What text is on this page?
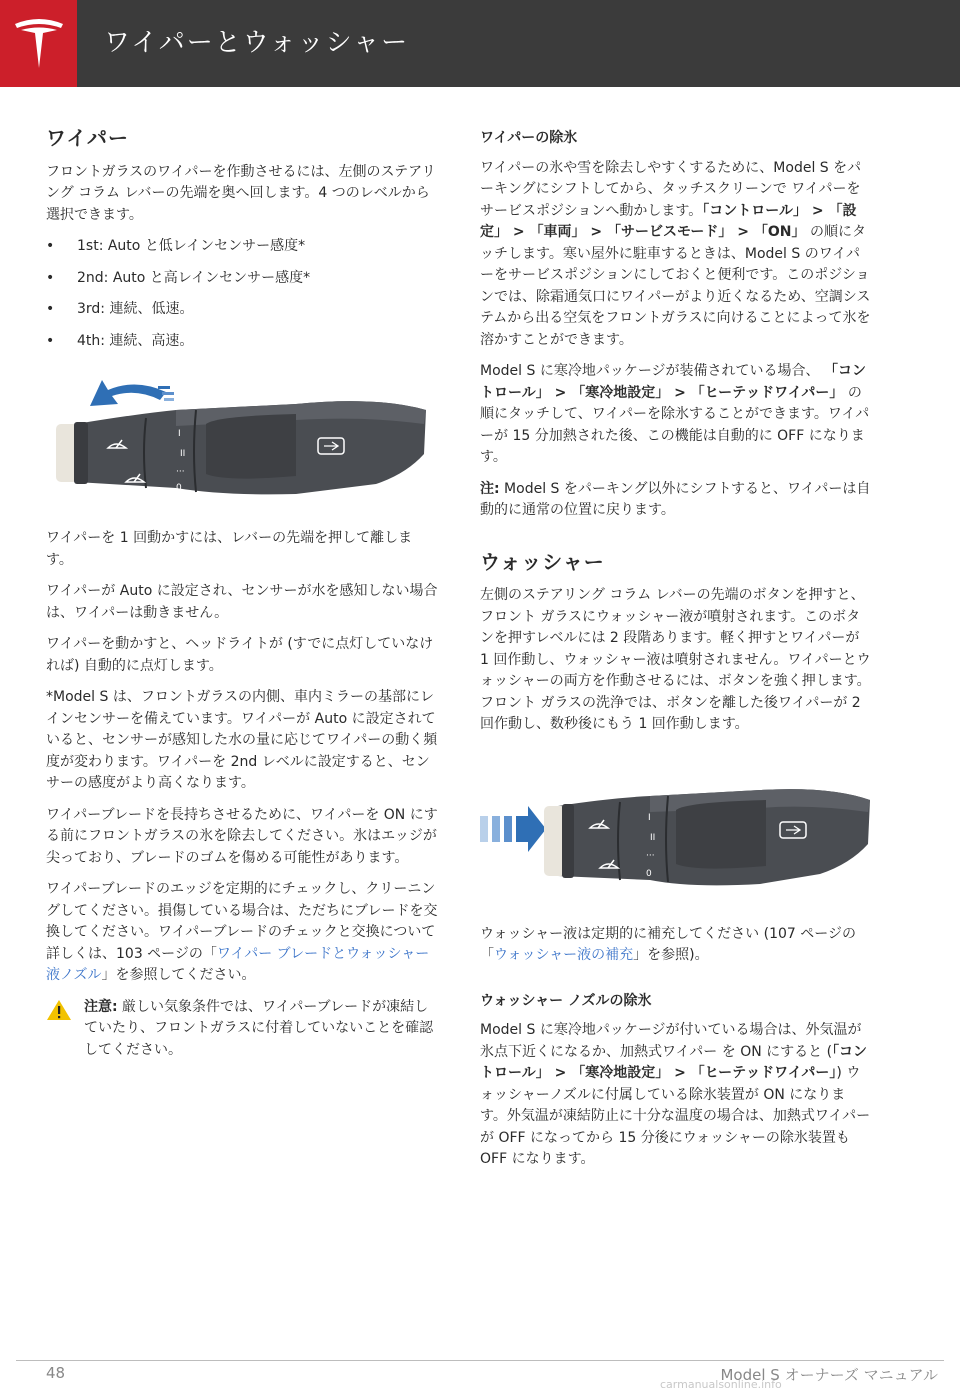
ワイパーとウォッシャー
ワイパー

フロントガラスのワイパーを作動させるには、左側のステアリング コラム レバーの先端を奥へ回します。4 つのレベルから選択できます。

• 1st: Auto と低レインセンサー感度*
• 2nd: Auto と高レインセンサー感度*
• 3rd: 連続、低速。
• 4th: 連続、高速。
I
II
···
0

ワイパーを 1 回動かすには、レバーの先端を押して離します。

ワイパーが Auto に設定され、センサーが水を感知しない場合は、ワイパーは動きません。

ワイパーを動かすと、ヘッドライトが (すでに点灯していなければ) 自動的に点灯します。

*Model S は、フロントガラスの内側、車内ミラーの基部にレインセンサーを備えています。ワイパーが Auto に設定されていると、センサーが感知した水の量に応じてワイパーの動く頻度が変わります。ワイパーを 2nd レベルに設定すると、センサーの感度がより高くなります。

ワイパーブレードを長持ちさせるために、ワイパーを ON にする前にフロントガラスの氷を除去してください。氷はエッジが尖っており、ブレードのゴムを傷める可能性があります。

ワイパーブレードのエッジを定期的にチェックし、クリーニングしてください。損傷している場合は、ただちにブレードを交換してください。ワイパーブレードのチェックと交換について詳しくは、103 ページの「ワイパー ブレードとウォッシャー液ノズル」を参照してください。

注意: 厳しい気象条件では、ワイパーブレードが凍結していたり、フロントガラスに付着していないことを確認してください。
ワイパーの除氷

ワイパーの氷や雪を除去しやすくするために、Model S をパーキングにシフトしてから、タッチスクリーンで ワイパーをサービスポジションへ動かします。「コントロール」 > 「設定」 > 「車両」 > 「サービスモード」 > 「ON」 の順にタッチします。寒い屋外に駐車するときは、Model S のワイパーをサービスポジションにしておくと便利です。このポジションでは、除霜通気口にワイパーがより近くなるため、空調システムから出る空気をフロントガラスに向けることによって氷を溶かすことができます。

Model S に寒冷地パッケージが装備されている場合、 「コントロール」 > 「寒冷地設定」 > 「ヒーテッドワイパー」 の順にタッチして、ワイパーを除氷することができます。ワイパーが 15 分加熱された後、この機能は自動的に OFF になります。

注: Model S をパーキング以外にシフトすると、ワイパーは自動的に通常の位置に戻ります。

ウォッシャー

左側のステアリング コラム レバーの先端のボタンを押すと、フロント ガラスにウォッシャー液が噴射されます。このボタンを押すレベルには 2 段階あります。軽く押すとワイパーが 1 回作動し、ウォッシャー液は噴射されません。ワイパーとウォッシャーの両方を作動させるには、ボタンを強く押します。フロント ガラスの洗浄では、ボタンを離した後ワイパーが 2 回作動し、数秒後にもう 1 回作動します。

I
II
···
0

ウォッシャー液は定期的に補充してください (107 ページの「ウォッシャー液の補充」を参照)。

ウォッシャー ノズルの除氷

Model S に寒冷地パッケージが付いている場合は、外気温が氷点下近くになるか、加熱式ワイパー を ON にすると (「コントロール」 > 「寒冷地設定」 > 「ヒーテッドワイパー」) ウォッシャーノズルに付属している除氷装置が ON になります。外気温が凍結防止に十分な温度の場合は、加熱式ワイパーが OFF になってから 15 分後にウォッシャーの除氷装置も OFF になります。

48	Model S オーナーズ マニュアル
carmanualsonline.info
